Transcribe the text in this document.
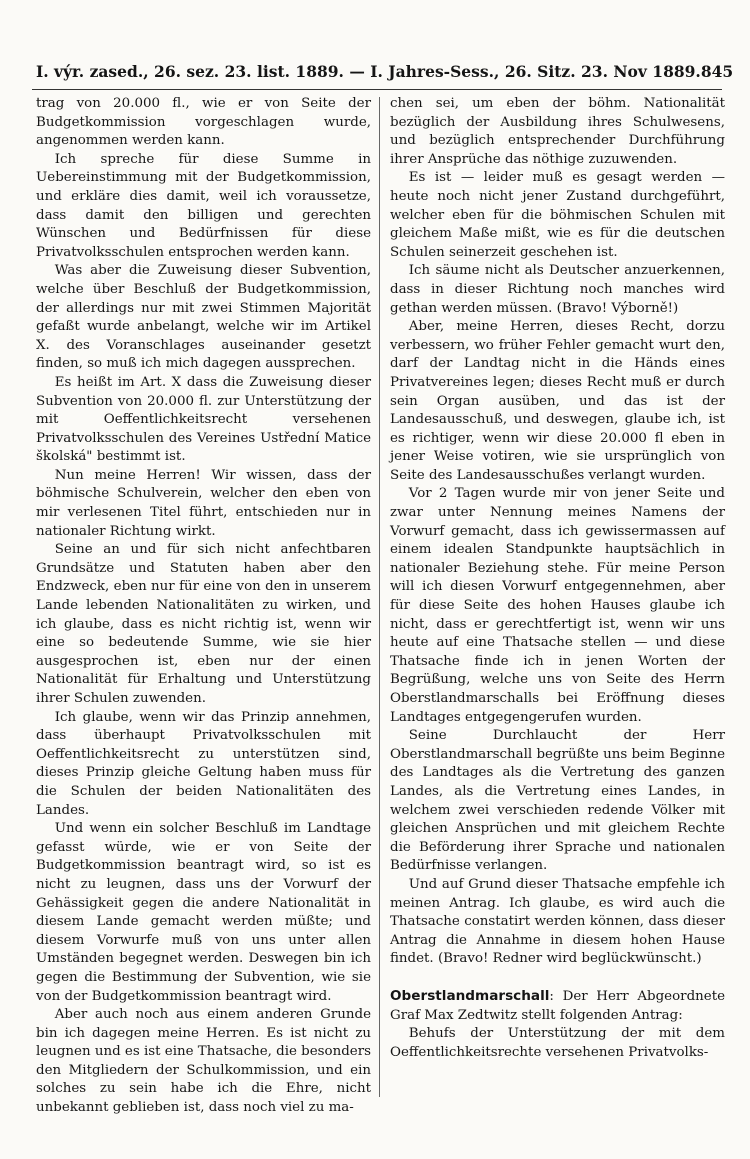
I. výr. zased., 26. sez. 23. list. 1889. — I. Jahres-Sess., 26. Sitz. 23. Nov 1889. 845

trag von 20.000 fl., wie er von Seite der Budgetkommission vorgeschlagen wurde, angenommen werden kann.

Ich spreche für diese Summe in Uebereinstimmung mit der Budgetkommission, und erkläre dies damit, weil ich voraussetze, dass damit den billigen und gerechten Wünschen und Bedürfnissen für diese Privatvolksschulen entsprochen werden kann.

Was aber die Zuweisung dieser Subvention, welche über Beschluß der Budgetkommission, der allerdings nur mit zwei Stimmen Majorität gefaßt wurde anbelangt, welche wir im Artikel X. des Voranschlages auseinander gesetzt finden, so muß ich mich dagegen aussprechen.

Es heißt im Art. X dass die Zuweisung dieser Subvention von 20.000 fl. zur Unterstützung der mit Oeffentlichkeitsrecht versehenen Privatvolksschulen des Vereines Ustřední Matice školská" bestimmt ist.

Nun meine Herren! Wir wissen, dass der böhmische Schulverein, welcher den eben von mir verlesenen Titel führt, entschieden nur in nationaler Richtung wirkt.

Seine an und für sich nicht anfechtbaren Grundsätze und Statuten haben aber den Endzweck, eben nur für eine von den in unserem Lande lebenden Nationalitäten zu wirken, und ich glaube, dass es nicht richtig ist, wenn wir eine so bedeutende Summe, wie sie hier ausgesprochen ist, eben nur der einen Nationalität für Erhaltung und Unterstützung ihrer Schulen zuwenden.

Ich glaube, wenn wir das Prinzip annehmen, dass überhaupt Privatvolksschulen mit Oeffentlichkeitsrecht zu unterstützen sind, dieses Prinzip gleiche Geltung haben muss für die Schulen der beiden Nationalitäten des Landes.

Und wenn ein solcher Beschluß im Landtage gefasst würde, wie er von Seite der Budgetkommission beantragt wird, so ist es nicht zu leugnen, dass uns der Vorwurf der Gehässigkeit gegen die andere Nationalität in diesem Lande gemacht werden müßte; und diesem Vorwurfe muß von uns unter allen Umständen begegnet werden. Deswegen bin ich gegen die Bestimmung der Subvention, wie sie von der Budgetkommission beantragt wird.

Aber auch noch aus einem anderen Grunde bin ich dagegen meine Herren. Es ist nicht zu leugnen und es ist eine Thatsache, die besonders den Mitgliedern der Schulkommission, und ein solches zu sein habe ich die Ehre, nicht unbekannt geblieben ist, dass noch viel zu ma-

chen sei, um eben der böhm. Nationalität bezüglich der Ausbildung ihres Schulwesens, und bezüglich entsprechender Durchführung ihrer Ansprüche das nöthige zuzuwenden.

Es ist — leider muß es gesagt werden — heute noch nicht jener Zustand durchgeführt, welcher eben für die böhmischen Schulen mit gleichem Maße mißt, wie es für die deutschen Schulen seinerzeit geschehen ist.

Ich säume nicht als Deutscher anzuerkennen, dass in dieser Richtung noch manches wird gethan werden müssen. (Bravo! Výborně!)

Aber, meine Herren, dieses Recht, dorzu verbessern, wo früher Fehler gemacht wurt den, darf der Landtag nicht in die Händs eines Privatvereines legen; dieses Recht muß er durch sein Organ ausüben, und das ist der Landesausschuß, und deswegen, glaube ich, ist es richtiger, wenn wir diese 20.000 fl eben in jener Weise votiren, wie sie ursprünglich von Seite des Landesausschußes verlangt wurden.

Vor 2 Tagen wurde mir von jener Seite und zwar unter Nennung meines Namens der Vorwurf gemacht, dass ich gewissermassen auf einem idealen Standpunkte hauptsächlich in nationaler Beziehung stehe. Für meine Person will ich diesen Vorwurf entgegennehmen, aber für diese Seite des hohen Hauses glaube ich nicht, dass er gerechtfertigt ist, wenn wir uns heute auf eine Thatsache stellen — und diese Thatsache finde ich in jenen Worten der Begrüßung, welche uns von Seite des Herrn Oberstlandmarschalls bei Eröffnung dieses Landtages entgegengerufen wurden.

Seine Durchlaucht der Herr Oberstlandmarschall begrüßte uns beim Beginne des Landtages als die Vertretung des ganzen Landes, als die Vertretung eines Landes, in welchem zwei verschieden redende Völker mit gleichen Ansprüchen und mit gleichem Rechte die Beförderung ihrer Sprache und nationalen Bedürfnisse verlangen.

Und auf Grund dieser Thatsache empfehle ich meinen Antrag. Ich glaube, es wird auch die Thatsache constatirt werden können, dass dieser Antrag die Annahme in diesem hohen Hause findet. (Bravo! Redner wird beglückwünscht.)

Oberstlandmarschall: Der Herr Abgeordnete Graf Max Zedtwitz stellt folgenden Antrag:

Behufs der Unterstützung der mit dem Oeffentlichkeitsrechte versehenen Privatvolks-
